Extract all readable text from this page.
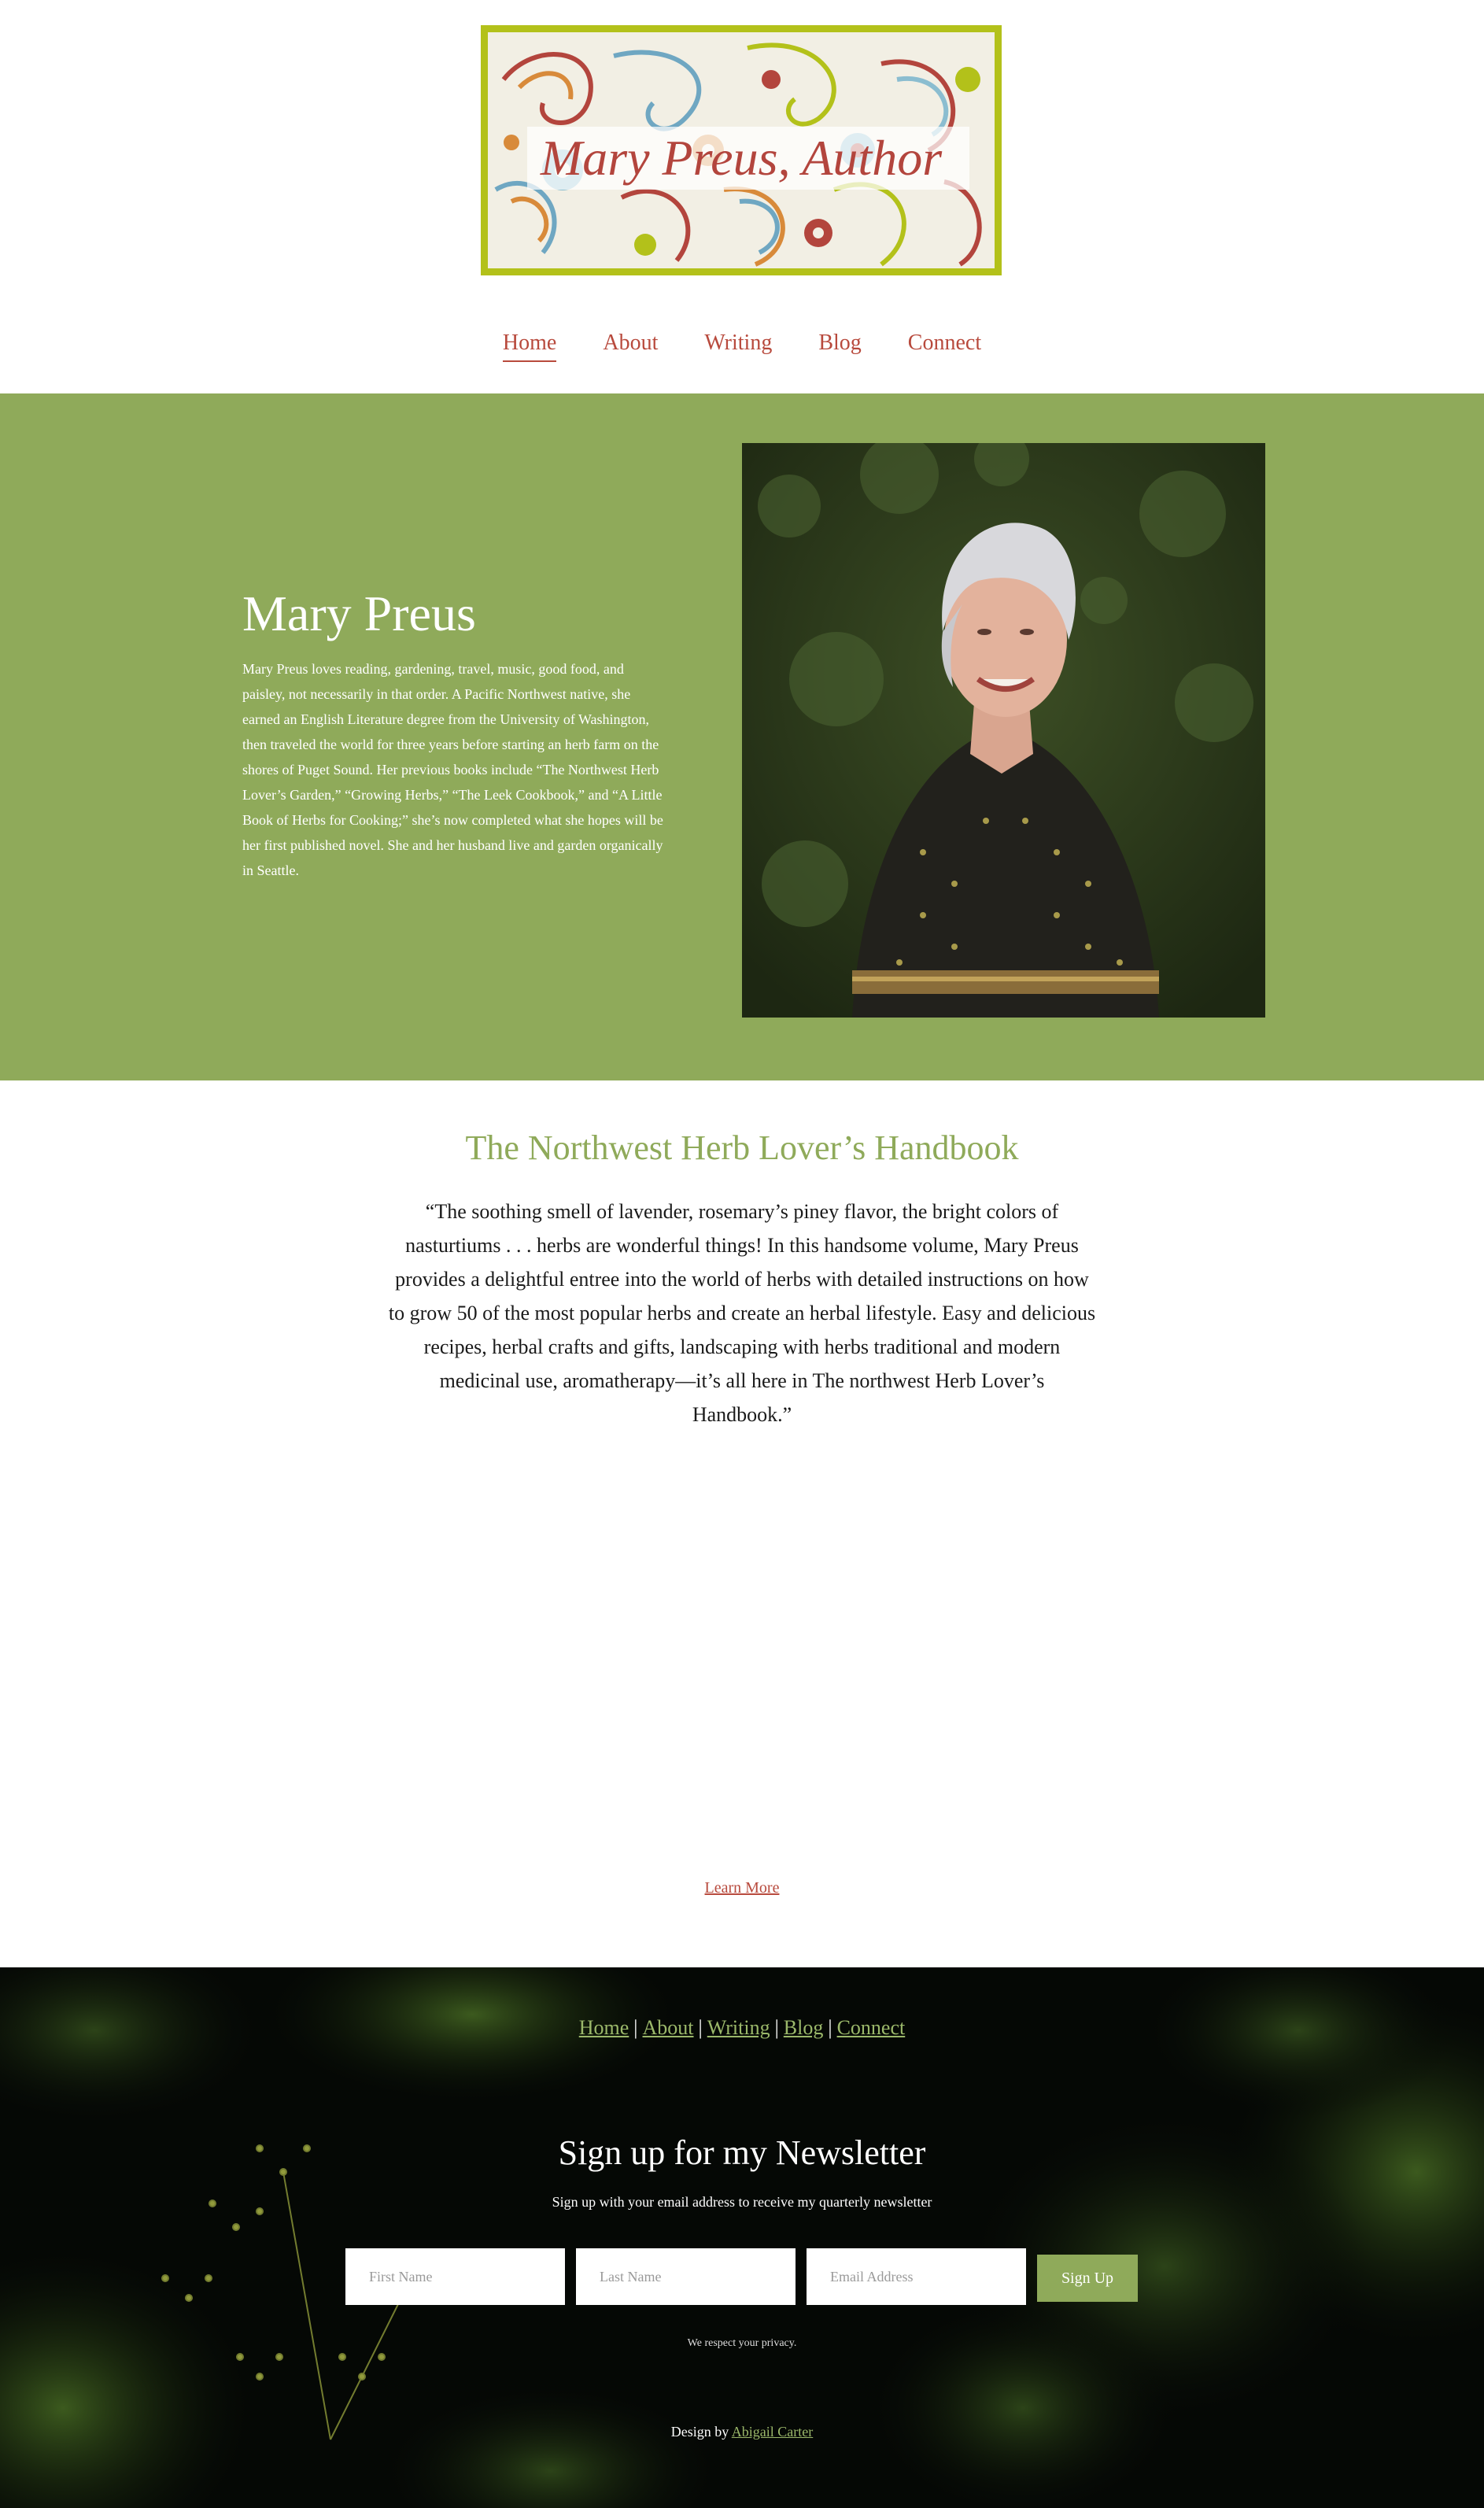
Mary Preus, Author
Home About Writing Blog Connect
Mary Preus

Mary Preus loves reading, gardening, travel, music, good food, and paisley, not necessarily in that order. A Pacific Northwest native, she earned an English Literature degree from the University of Washington, then traveled the world for three years before starting an herb farm on the shores of Puget Sound. Her previous books include “The Northwest Herb Lover’s Garden,” “Growing Herbs,” “The Leek Cookbook,” and “A Little Book of Herbs for Cooking;” she’s now completed what she hopes will be her first published novel. She and her husband live and garden organically in Seattle.

The Northwest Herb Lover’s Handbook

“The soothing smell of lavender, rosemary’s piney flavor, the bright colors of nasturtiums . . . herbs are wonderful things! In this handsome volume, Mary Preus provides a delightful entree into the world of herbs with detailed instructions on how to grow 50 of the most popular herbs and create an herbal lifestyle. Easy and delicious recipes, herbal crafts and gifts, landscaping with herbs traditional and modern medicinal use, aromatherapy—it’s all here in The northwest Herb Lover’s Handbook.”

Learn More
Home | About | Writing | Blog | Connect
Sign up for my Newsletter
Sign up with your email address to receive my quarterly newsletter
First Name
Last Name
Email Address
Sign Up
We respect your privacy.
Design by Abigail Carter
